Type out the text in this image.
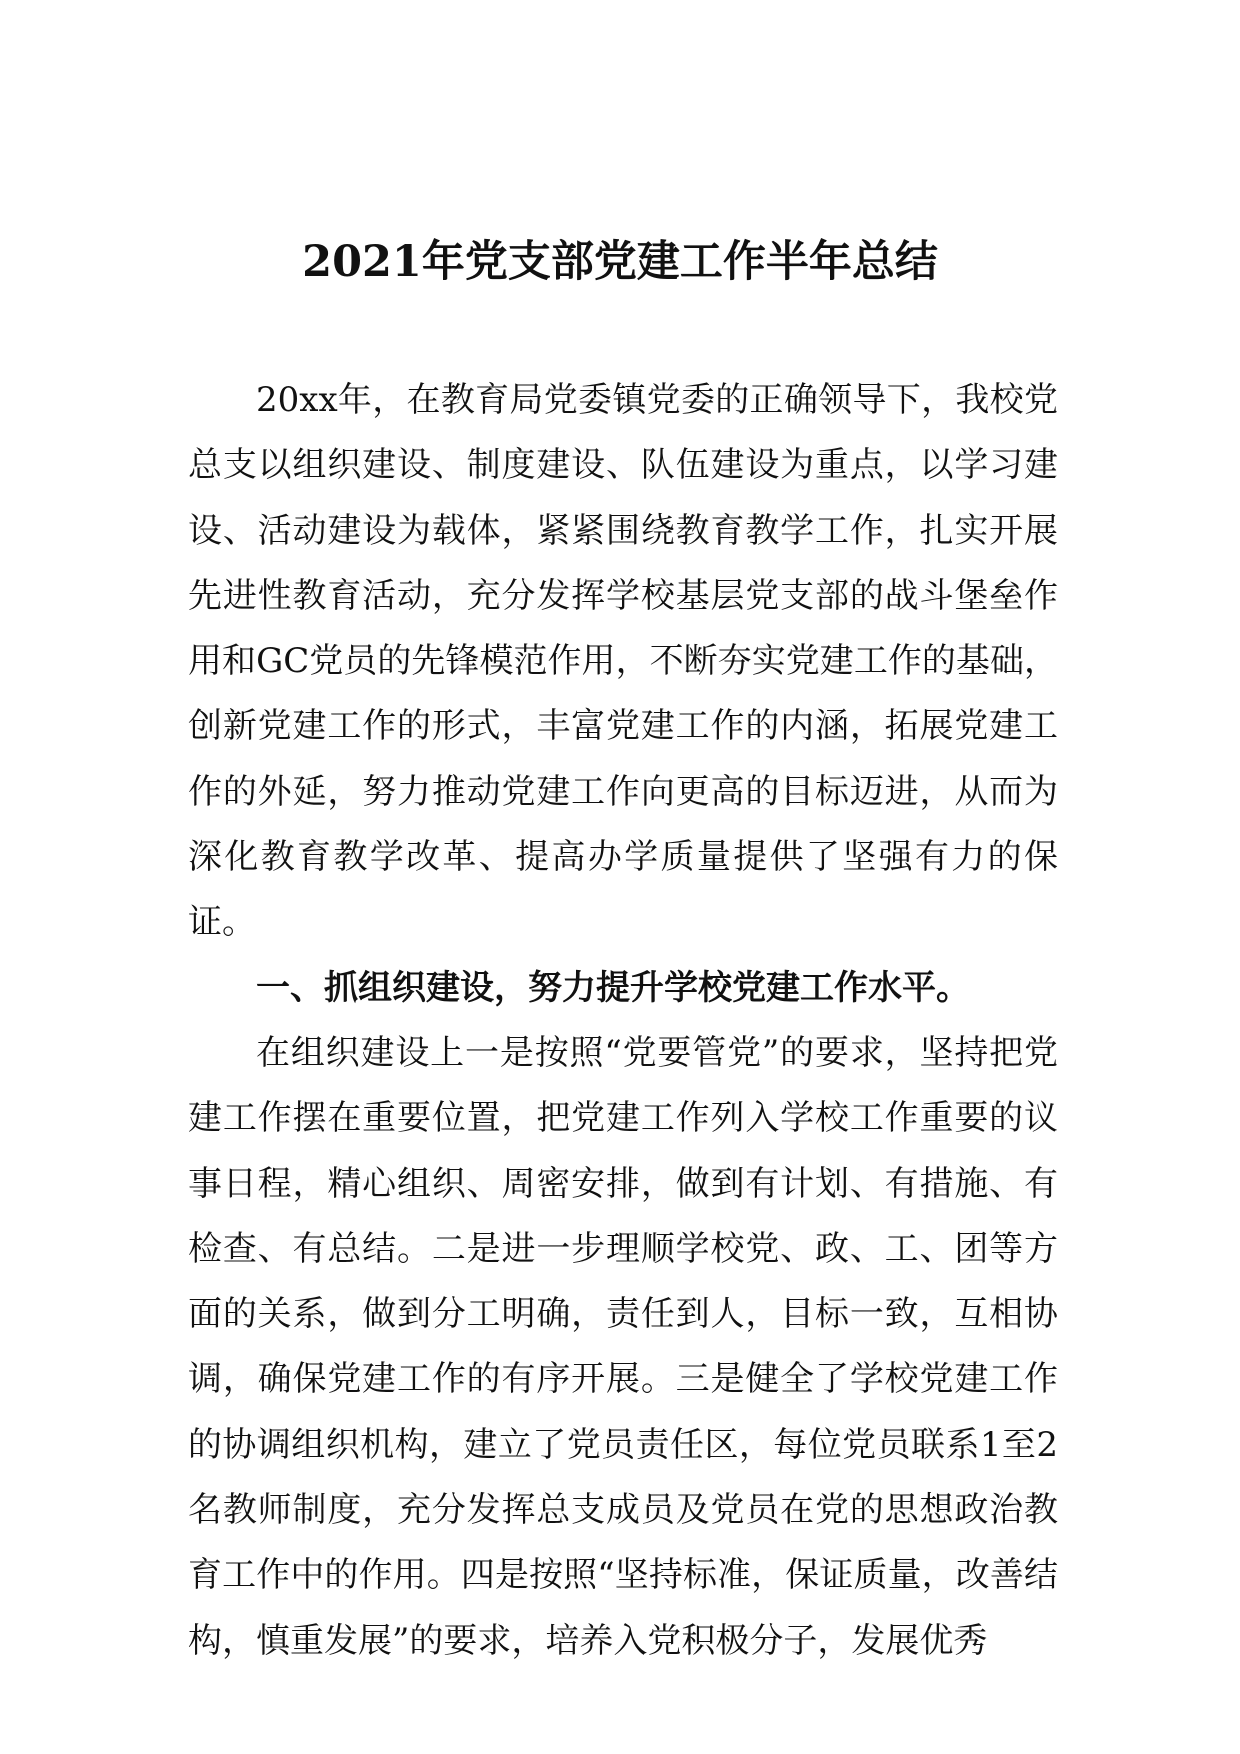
2021年党支部党建工作半年总结

20xx年，在教育局党委镇党委的正确领导下，我校党总支以组织建设、制度建设、队伍建设为重点，以学习建设、活动建设为载体，紧紧围绕教育教学工作，扎实开展先进性教育活动，充分发挥学校基层党支部的战斗堡垒作用和GC党员的先锋模范作用，不断夯实党建工作的基础，创新党建工作的形式，丰富党建工作的内涵，拓展党建工作的外延，努力推动党建工作向更高的目标迈进，从而为深化教育教学改革、提高办学质量提供了坚强有力的保证。

一、抓组织建设，努力提升学校党建工作水平。

在组织建设上一是按照“党要管党”的要求，坚持把党建工作摆在重要位置，把党建工作列入学校工作重要的议事日程，精心组织、周密安排，做到有计划、有措施、有检查、有总结。二是进一步理顺学校党、政、工、团等方面的关系，做到分工明确，责任到人，目标一致，互相协调，确保党建工作的有序开展。三是健全了学校党建工作的协调组织机构，建立了党员责任区，每位党员联系1至2名教师制度，充分发挥总支成员及党员在党的思想政治教育工作中的作用。四是按照“坚持标准，保证质量，改善结构，慎重发展”的要求，培养入党积极分子，发展优秀
